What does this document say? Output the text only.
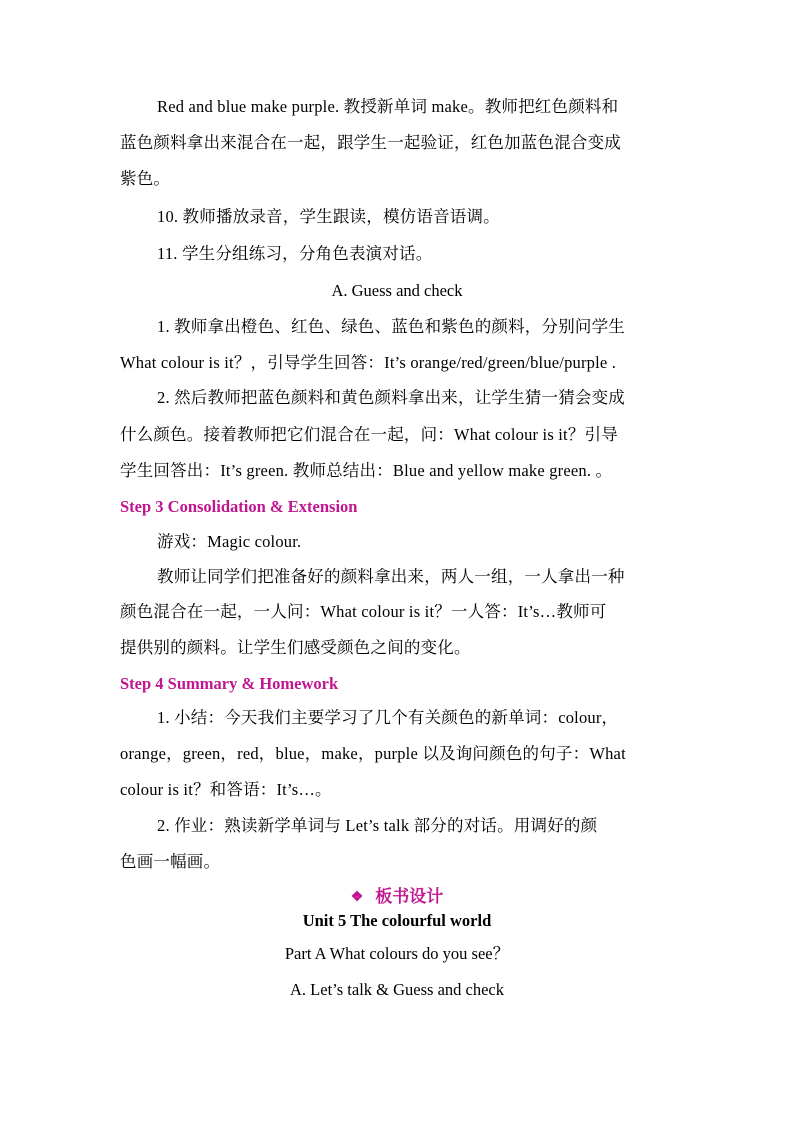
Red and blue make purple. 教授新单词 make。教师把红色颜料和
蓝色颜料拿出来混合在一起，跟学生一起验证，红色加蓝色混合变成
紫色。
10. 教师播放录音，学生跟读，模仿语音语调。
11. 学生分组练习，分角色表演对话。
A. Guess and check
1. 教师拿出橙色、红色、绿色、蓝色和紫色的颜料，分别问学生
What colour is it？，引导学生回答：It’s orange/red/green/blue/purple .
2. 然后教师把蓝色颜料和黄色颜料拿出来，让学生猜一猜会变成
什么颜色。接着教师把它们混合在一起，问：What colour is it？引导
学生回答出：It’s green. 教师总结出：Blue and yellow make green. 。
Step 3 Consolidation & Extension
游戏：Magic colour.
教师让同学们把准备好的颜料拿出来，两人一组，一人拿出一种
颜色混合在一起，一人问：What colour is it？一人答：It’s…教师可
提供别的颜料。让学生们感受颜色之间的变化。
Step 4 Summary & Homework
1. 小结：今天我们主要学习了几个有关颜色的新单词：colour，
orange，green，red，blue，make，purple 以及询问颜色的句子：What
colour is it？和答语：It’s…。
2. 作业：熟读新学单词与 Let’s talk 部分的对话。用调好的颜
色画一幅画。
❖ 板书设计
Unit 5 The colourful world
Part A What colours do you see？
A. Let’s talk & Guess and check
